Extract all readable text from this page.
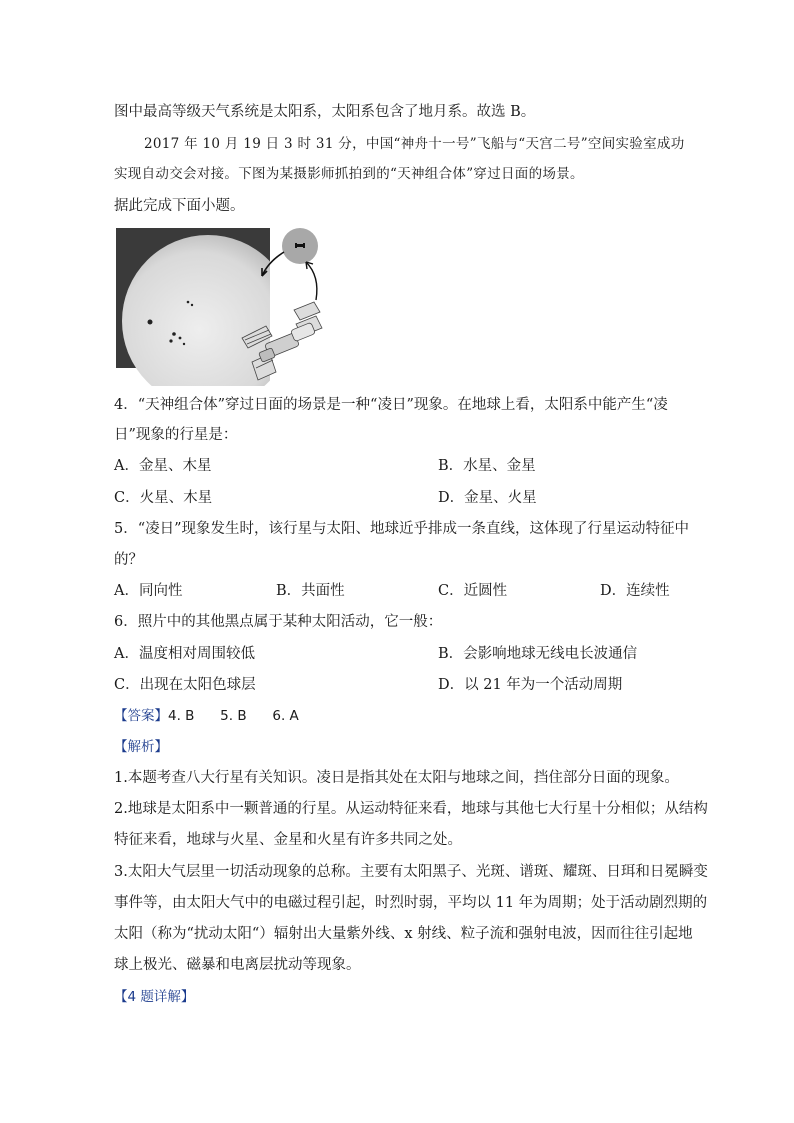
图中最高等级天气系统是太阳系，太阳系包含了地月系。故选 B。
2017 年 10 月 19 日 3 时 31 分，中国“神舟十一号”飞船与“天宫二号”空间实验室成功
实现自动交会对接。下图为某摄影师抓拍到的“天神组合体”穿过日面的场景。
据此完成下面小题。
4．“天神组合体”穿过日面的场景是一种“凌日”现象。在地球上看，太阳系中能产生“凌
日”现象的行星是：
A．金星、木星	B．水星、金星
C．火星、木星	D．金星、火星
5．“凌日”现象发生时，该行星与太阳、地球近乎排成一条直线，这体现了行星运动特征中
的？
A．同向性	B．共面性	C．近圆性	D．连续性
6．照片中的其他黑点属于某种太阳活动，它一般：
A．温度相对周围较低	B．会影响地球无线电长波通信
C．出现在太阳色球层	D．以 21 年为一个活动周期
【答案】4. B      5. B      6. A
【解析】
1.本题考查八大行星有关知识。凌日是指其处在太阳与地球之间，挡住部分日面的现象。
2.地球是太阳系中一颗普通的行星。从运动特征来看，地球与其他七大行星十分相似；从结构
特征来看，地球与火星、金星和火星有许多共同之处。
3.太阳大气层里一切活动现象的总称。主要有太阳黑子、光斑、谱斑、耀斑、日珥和日冕瞬变
事件等，由太阳大气中的电磁过程引起，时烈时弱，平均以 11 年为周期；处于活动剧烈期的
太阳（称为“扰动太阳“）辐射出大量紫外线、x 射线、粒子流和强射电波，因而往往引起地
球上极光、磁暴和电离层扰动等现象。
【4 题详解】
